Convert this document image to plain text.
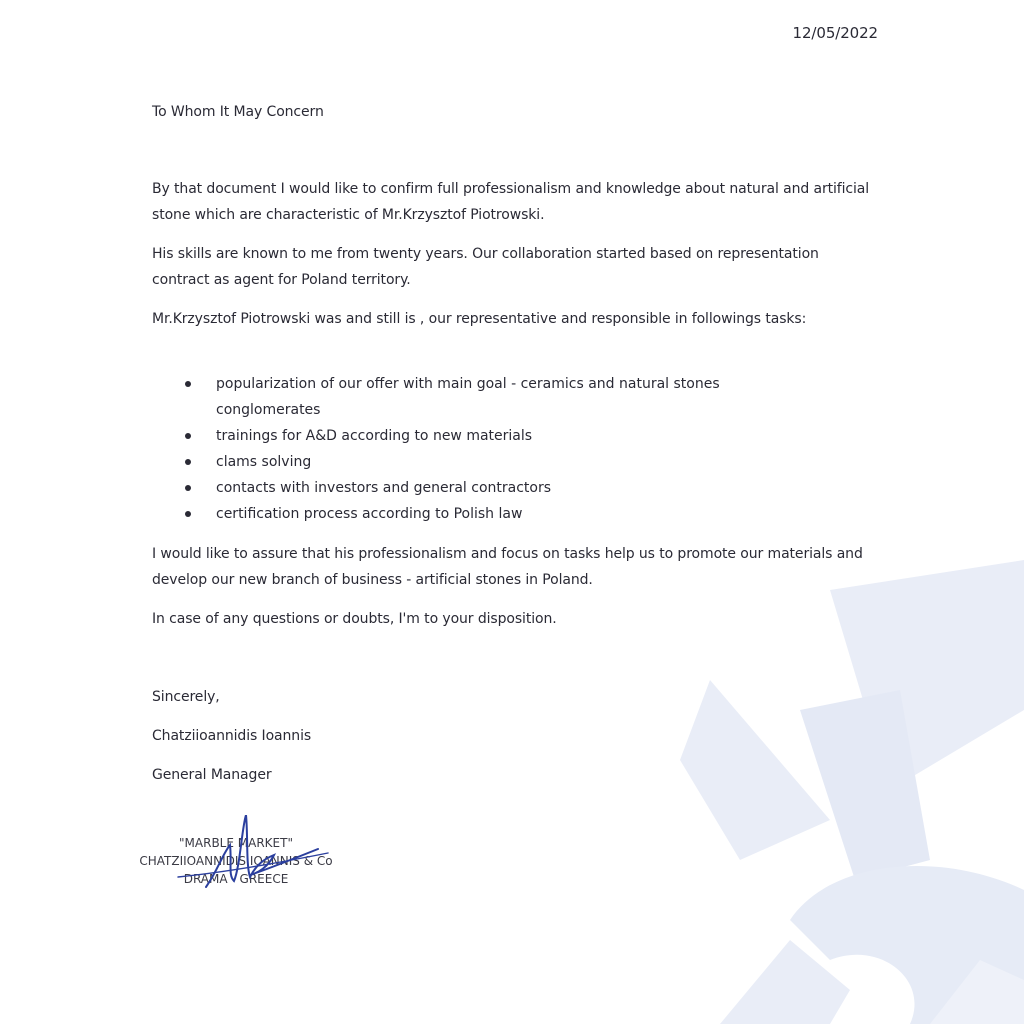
12/05/2022
To Whom It May Concern
By that document I would like to confirm full professionalism and knowledge about natural and artificial stone which are characteristic of Mr.Krzysztof Piotrowski.
His skills are known to me from twenty years. Our collaboration started based on representation contract as agent for Poland territory.
Mr.Krzysztof Piotrowski was and still is , our representative and responsible in followings tasks:
popularization of our offer with main goal - ceramics and natural stones conglomerates
trainings for A&D according to new materials
clams solving
contacts with investors and general contractors
certification process according to Polish law
I would like to assure that his professionalism and focus on tasks help us to promote our materials and develop our new branch of business - artificial stones in Poland.
In case of any questions or doubts, I'm to your disposition.
Sincerely,
Chatziioannidis Ioannis
General Manager
"MARBLE MARKET"
CHATZIIOANNIDIS IOANNIS & Co
DRAMA - GREECE
